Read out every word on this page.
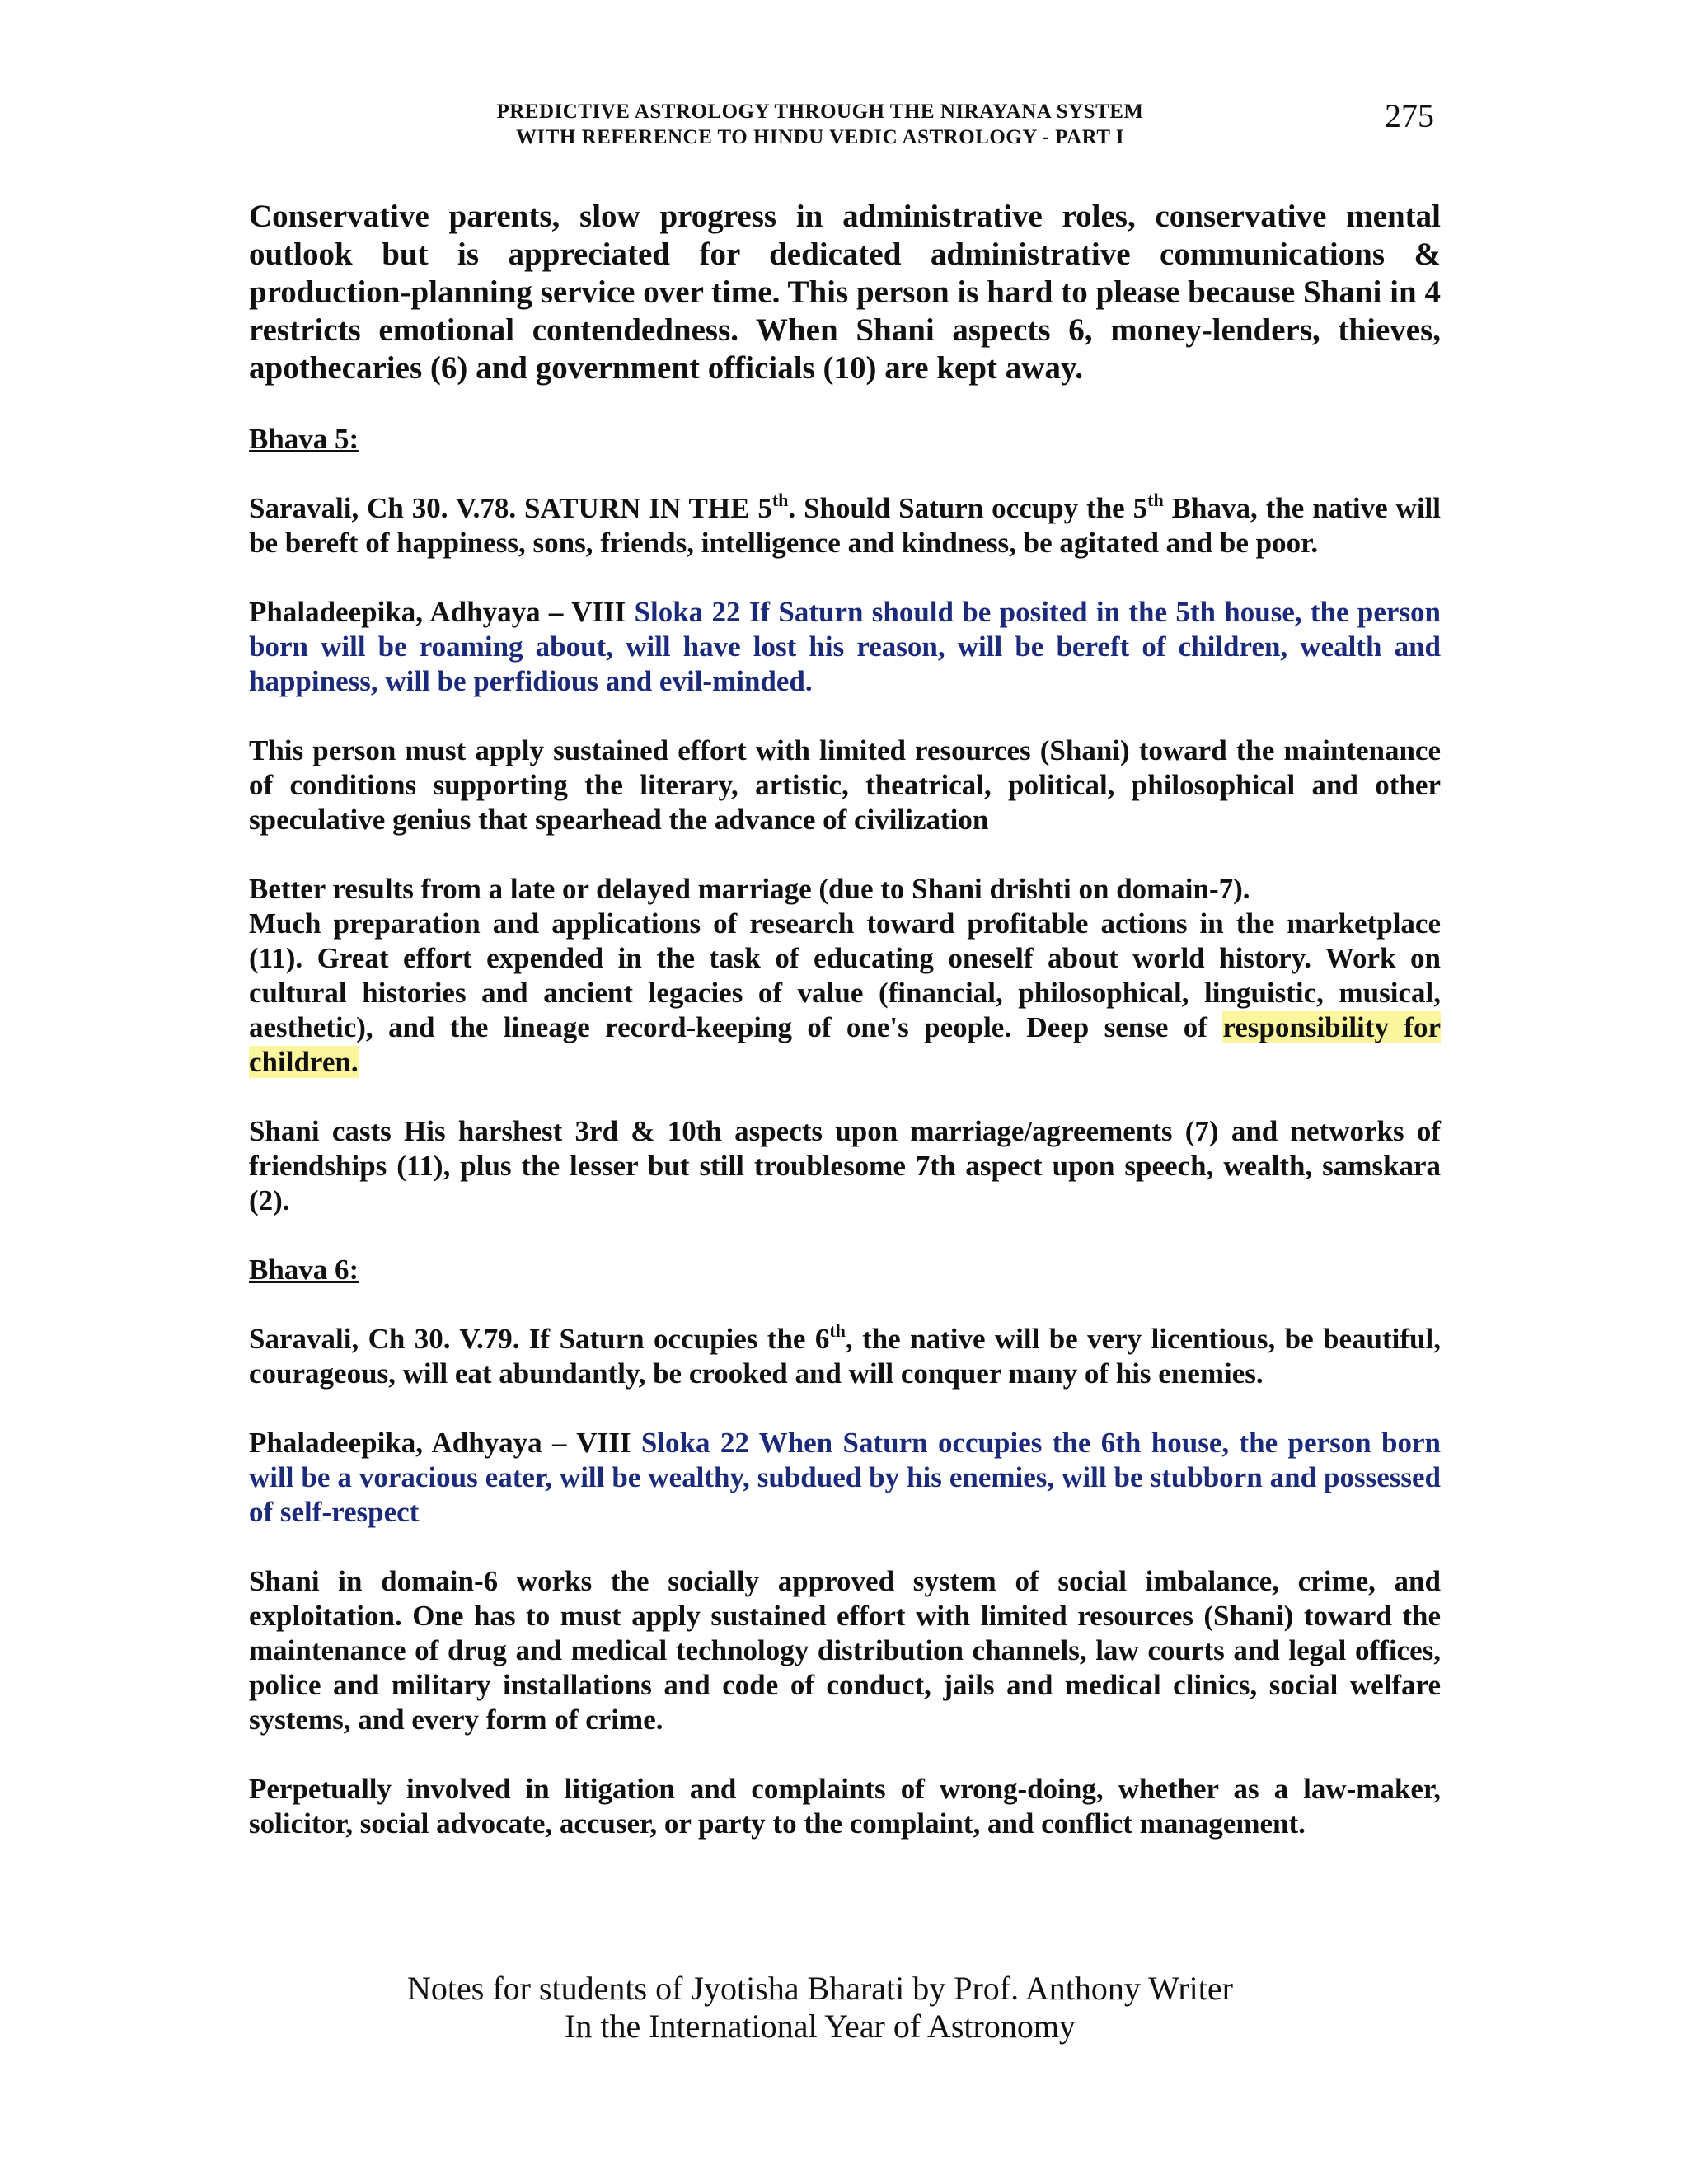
PREDICTIVE ASTROLOGY THROUGH THE NIRAYANA SYSTEM
WITH REFERENCE TO HINDU VEDIC ASTROLOGY - PART I
275

Conservative parents, slow progress in administrative roles, conservative mental outlook but is appreciated for dedicated administrative communications & production-planning service over time. This person is hard to please because Shani in 4 restricts emotional contendedness. When Shani aspects 6, money-lenders, thieves, apothecaries (6) and government officials (10) are kept away.

Bhava 5:

Saravali, Ch 30. V.78. SATURN IN THE 5th. Should Saturn occupy the 5th Bhava, the native will be bereft of happiness, sons, friends, intelligence and kindness, be agitated and be poor.

Phaladeepika, Adhyaya – VIII Sloka 22 If Saturn should be posited in the 5th house, the person born will be roaming about, will have lost his reason, will be bereft of children, wealth and happiness, will be perfidious and evil-minded.

This person must apply sustained effort with limited resources (Shani) toward the maintenance of conditions supporting the literary, artistic, theatrical, political, philosophical and other speculative genius that spearhead the advance of civilization

Better results from a late or delayed marriage (due to Shani drishti on domain-7).

Much preparation and applications of research toward profitable actions in the marketplace (11). Great effort expended in the task of educating oneself about world history. Work on cultural histories and ancient legacies of value (financial, philosophical, linguistic, musical, aesthetic), and the lineage record-keeping of one's people. Deep sense of responsibility for children.

Shani casts His harshest 3rd & 10th aspects upon marriage/agreements (7) and networks of friendships (11), plus the lesser but still troublesome 7th aspect upon speech, wealth, samskara (2).

Bhava 6:

Saravali, Ch 30. V.79. If Saturn occupies the 6th, the native will be very licentious, be beautiful, courageous, will eat abundantly, be crooked and will conquer many of his enemies.

Phaladeepika, Adhyaya – VIII Sloka 22 When Saturn occupies the 6th house, the person born will be a voracious eater, will be wealthy, subdued by his enemies, will be stubborn and possessed of self-respect

Shani in domain-6 works the socially approved system of social imbalance, crime, and exploitation. One has to must apply sustained effort with limited resources (Shani) toward the maintenance of drug and medical technology distribution channels, law courts and legal offices, police and military installations and code of conduct, jails and medical clinics, social welfare systems, and every form of crime.

Perpetually involved in litigation and complaints of wrong-doing, whether as a law-maker, solicitor, social advocate, accuser, or party to the complaint, and conflict management.

Notes for students of Jyotisha Bharati by Prof. Anthony Writer
In the International Year of Astronomy
